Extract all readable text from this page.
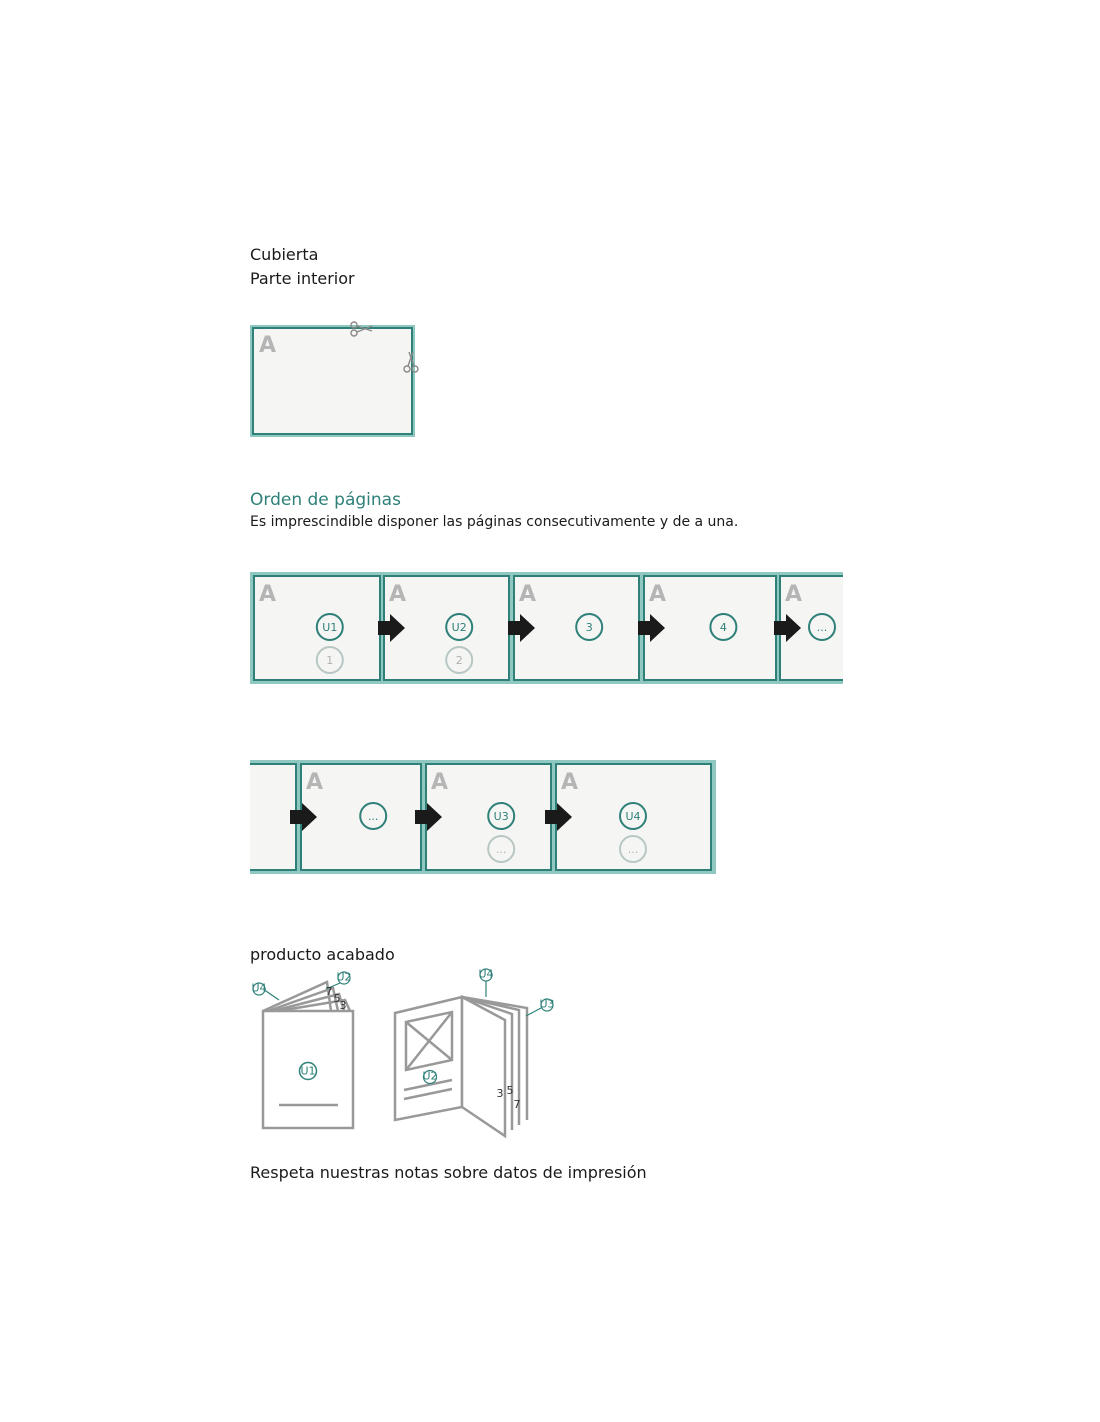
Cubierta
Parte interior
Orden de páginas
Es imprescindible disponer las páginas consecutivamente y de a una.
producto acabado
Respeta nuestras notas sobre datos de impresión
A
A
U1
1
A
U2
2
A
3
A
4
A
...
A
...
A
U3
...
A
U4
...
U1
U4
U2
7
5
3
U2
U4
U3
3 5
7
